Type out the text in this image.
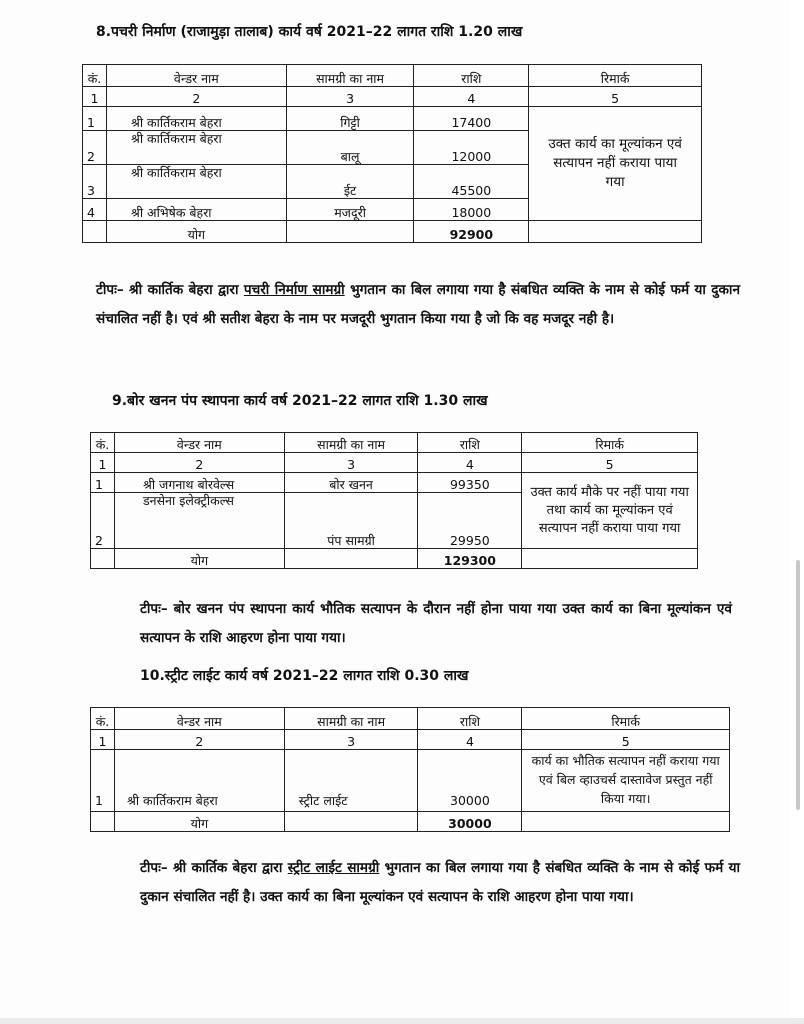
8.पचरी निर्माण (राजामुड़ा तालाब) कार्य वर्ष 2021–22 लागत राशि 1.20 लाख
कं.	वेन्डर नाम	सामग्री का नाम	राशि	रिमार्क
1	2	3	4	5
1	श्री कार्तिकराम बेहरा	गिट्टी	17400	उक्त कार्य का मूल्यांकन एवं सत्यापन नहीं कराया पाया गया
2	श्री कार्तिकराम बेहरा	बालू	12000	
3	श्री कार्तिकराम बेहरा	ईट	45500	
4	श्री अभिषेक बेहरा	मजदूरी	18000	
	योग		92900	
टीपः– श्री कार्तिक बेहरा द्वारा पचरी निर्माण सामग्री भुगतान का बिल लगाया गया है संबधित व्यक्ति के नाम से कोई फर्म या दुकान संचालित नहीं है। एवं श्री सतीश बेहरा के नाम पर मजदूरी भुगतान किया गया है जो कि वह मजदूर नही है।
9.बोर खनन पंप स्थापना कार्य वर्ष 2021–22 लागत राशि 1.30 लाख
कं.	वेन्डर नाम	सामग्री का नाम	राशि	रिमार्क
1	2	3	4	5
1	श्री जगनाथ बोरवेल्स	बोर खनन	99350	उक्त कार्य मौके पर नहीं पाया गया तथा कार्य का मूल्यांकन एवं सत्यापन नहीं कराया पाया गया
2	डनसेना इलेक्ट्रीकल्स	पंप सामग्री	29950	
	योग		129300	
टीपः– बोर खनन पंप स्थापना कार्य भौतिक सत्यापन के दौरान नहीं होना पाया गया उक्त कार्य का बिना मूल्यांकन एवं सत्यापन के राशि आहरण होना पाया गया।
10.स्ट्रीट लाईट कार्य वर्ष 2021–22 लागत राशि 0.30 लाख
कं.	वेन्डर नाम	सामग्री का नाम	राशि	रिमार्क
1	2	3	4	5
1	श्री कार्तिकराम बेहरा	स्ट्रीट लाईट	30000	कार्य का भौतिक सत्यापन नहीं कराया गया एवं बिल व्हाउचर्स दास्तावेज प्रस्तुत नहीं किया गया।
	योग		30000	
टीपः– श्री कार्तिक बेहरा द्वारा स्ट्रीट लाईट सामग्री भुगतान का बिल लगाया गया है संबधित व्यक्ति के नाम से कोई फर्म या दुकान संचालित नहीं है। उक्त कार्य का बिना मूल्यांकन एवं सत्यापन के राशि आहरण होना पाया गया।
